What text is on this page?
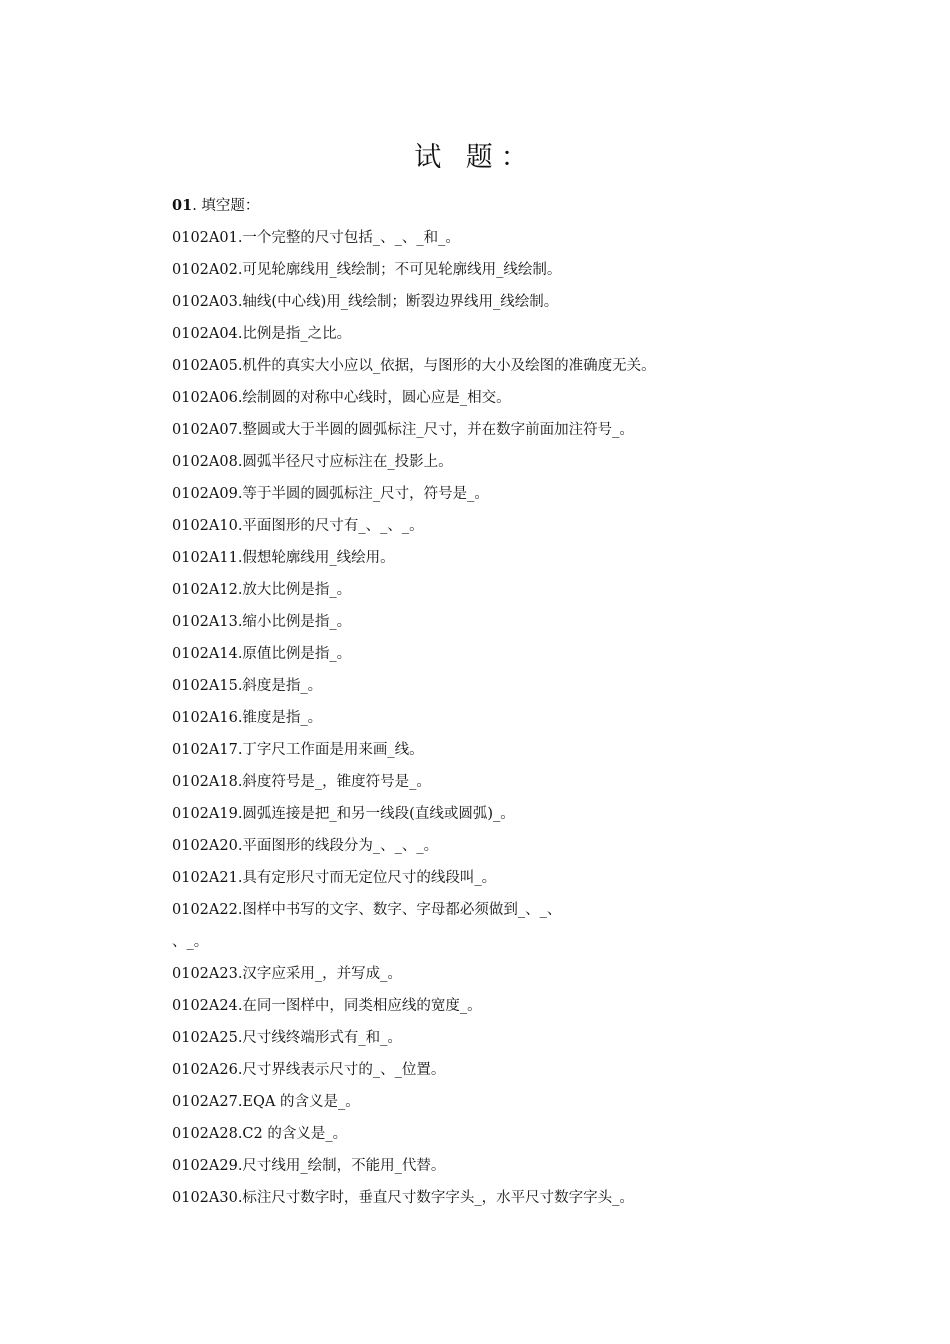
试 题：
01. 填空题：
0102A01.一个完整的尺寸包括_、_、_和_。
0102A02.可见轮廓线用_线绘制；不可见轮廓线用_线绘制。
0102A03.轴线(中心线)用_线绘制；断裂边界线用_线绘制。
0102A04.比例是指_之比。
0102A05.机件的真实大小应以_依据，与图形的大小及绘图的准确度无关。
0102A06.绘制圆的对称中心线时，圆心应是_相交。
0102A07.整圆或大于半圆的圆弧标注_尺寸，并在数字前面加注符号_。
0102A08.圆弧半径尺寸应标注在_投影上。
0102A09.等于半圆的圆弧标注_尺寸，符号是_。
0102A10.平面图形的尺寸有_、_、_。
0102A11.假想轮廓线用_线绘用。
0102A12.放大比例是指_。
0102A13.缩小比例是指_。
0102A14.原值比例是指_。
0102A15.斜度是指_。
0102A16.锥度是指_。
0102A17.丁字尺工作面是用来画_线。
0102A18.斜度符号是_，锥度符号是_。
0102A19.圆弧连接是把_和另一线段(直线或圆弧)_。
0102A20.平面图形的线段分为_、_、_。
0102A21.具有定形尺寸而无定位尺寸的线段叫_。
0102A22.图样中书写的文字、数字、字母都必须做到_、_、
、_。
0102A23.汉字应采用_，并写成_。
0102A24.在同一图样中，同类相应线的宽度_。
0102A25.尺寸线终端形式有_和_。
0102A26.尺寸界线表示尺寸的_、_位置。
0102A27.EQA 的含义是_。
0102A28.C2 的含义是_。
0102A29.尺寸线用_绘制，不能用_代替。
0102A30.标注尺寸数字时，垂直尺寸数字字头_，水平尺寸数字字头_。
